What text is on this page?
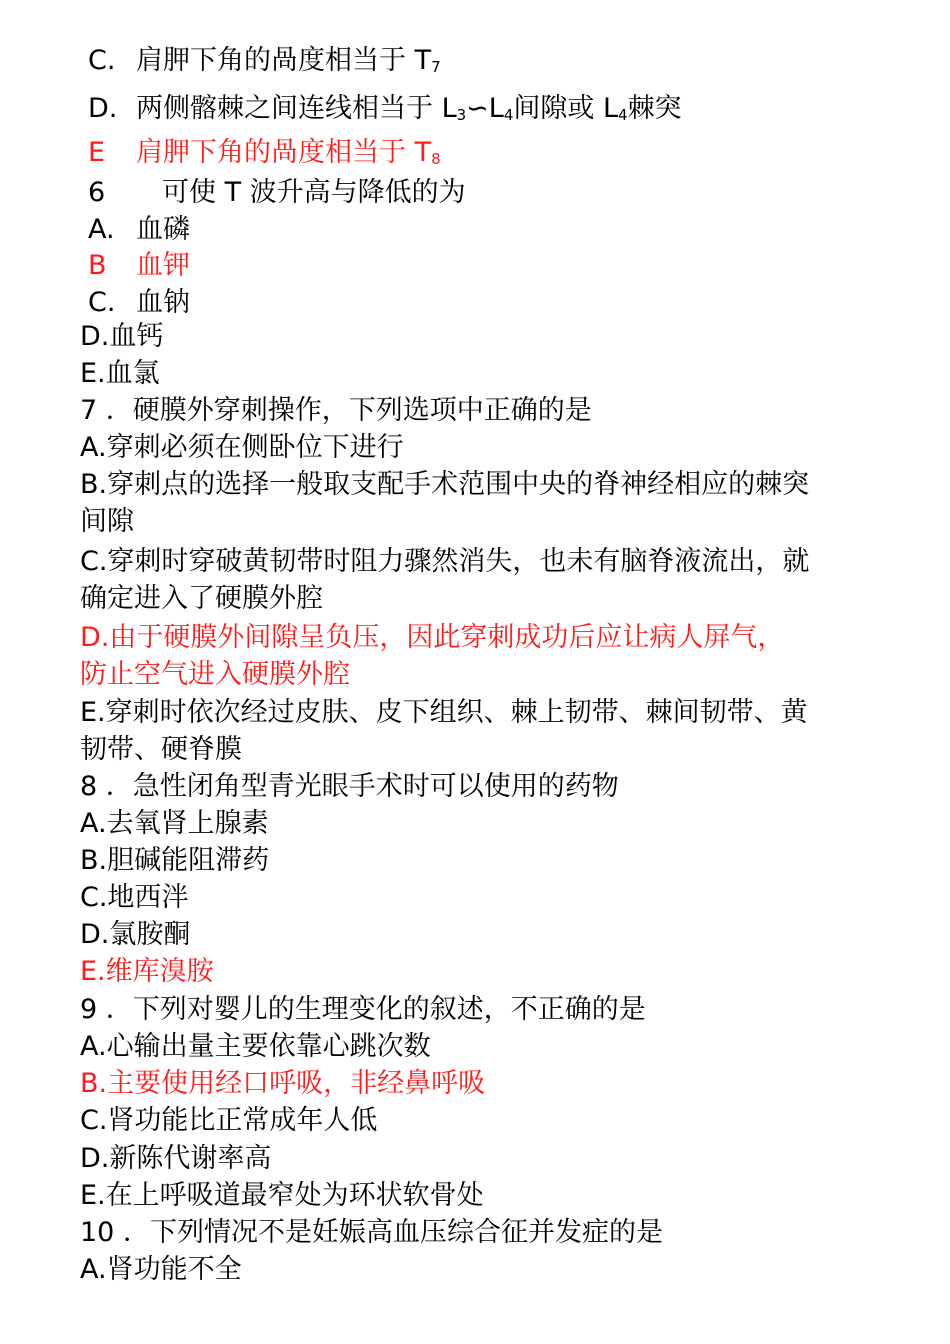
C. 肩胛下角的咼度相当于 $T_7$
D. 两侧髂棘之间连线相当于 $L_3∽L_4$间隙或 $L_4$棘突
E 肩胛下角的咼度相当于 $T_8$
6 可使 T 波升高与降低的为
A. 血磷
B 血钾
C. 血钠
D.血钙
E.血氯
7 ．硬膜外穿刺操作，下列选项中正确的是
A.穿刺必须在侧卧位下进行
B.穿刺点的选择一般取支配手术范围中央的脊神经相应的棘突
间隙
C.穿刺时穿破黄韧带时阻力骤然消失，也未有脑脊液流出，就
确定进入了硬膜外腔
D.由于硬膜外间隙呈负压，因此穿刺成功后应让病人屏气，
防止空气进入硬膜外腔
E.穿刺时依次经过皮肤、皮下组织、棘上韧带、棘间韧带、黄
韧带、硬脊膜
8 ．急性闭角型青光眼手术时可以使用的药物
A.去氧肾上腺素
B.胆碱能阻滞药
C.地西泮
D.氯胺酮
E.维库溴胺
9 ．下列对婴儿的生理变化的叙述，不正确的是
A.心输出量主要依靠心跳次数
B.主要使用经口呼吸，非经鼻呼吸
C.肾功能比正常成年人低
D.新陈代谢率高
E.在上呼吸道最窄处为环状软骨处
10 ．下列情况不是妊娠高血压综合征并发症的是
A.肾功能不全
